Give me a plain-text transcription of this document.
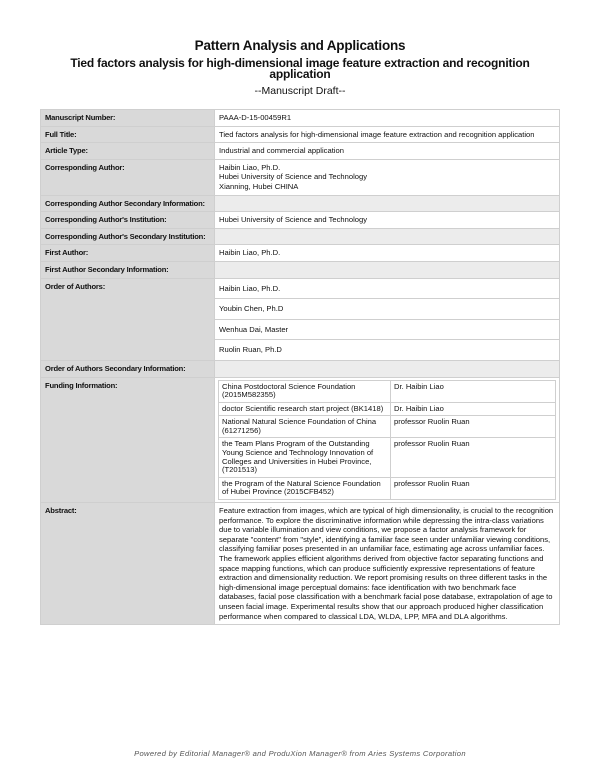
Pattern Analysis and Applications
Tied factors analysis for high-dimensional image feature extraction and recognition application
--Manuscript Draft--
Manuscript Number:	PAAA-D-15-00459R1
Full Title:	Tied factors analysis for high-dimensional image feature extraction and recognition application
Article Type:	Industrial and commercial application
Corresponding Author:	Haibin Liao, Ph.D.
Hubei University of Science and Technology
Xianning, Hubei CHINA

Corresponding Author Secondary Information:	
Corresponding Author's Institution:	Hubei University of Science and Technology
Corresponding Author's Secondary Institution:	
First Author:	Haibin Liao, Ph.D.
First Author Secondary Information:	
Order of Authors:	Haibin Liao, Ph.D.
Youbin Chen, Ph.D
Wenhua Dai, Master
Ruolin Ruan, Ph.D
Order of Authors Secondary Information:	
Funding Information:		China Postdoctoral Science Foundation (2015M582355)	Dr. Haibin Liao
doctor Scientific research start project (BK1418)	Dr. Haibin Liao
National Natural Science Foundation of China (61271256)	professor Ruolin Ruan
the Team Plans Program of the Outstanding Young Science and Technology Innovation of Colleges and Universities in Hubei Province, (T201513)	professor Ruolin Ruan
the Program of the Natural Science Foundation of Hubei Province (2015CFB452)	professor Ruolin Ruan

Abstract:	Feature extraction from images, which are typical of high dimensionality, is crucial to the recognition performance. To explore the discriminative information while depressing the intra-class variations due to variable illumination and view conditions, we propose a factor analysis framework for separate "content" from "style", identifying a familiar face seen under unfamiliar viewing conditions, classifying familiar poses presented in an unfamiliar face, estimating age across unfamiliar faces. The framework applies efficient algorithms derived from objective factor separating functions and space mapping functions, which can produce sufficiently expressive representations of feature extraction and dimensionality reduction. We report promising results on three different tasks in the high-dimensional image perceptual domains: face identification with two benchmark face databases, facial pose classification with a benchmark facial pose database, extrapolation of age to unseen facial image. Experimental results show that our approach produced higher classification performance when compared to classical LDA, WLDA, LPP, MFA and DLA algorithms.
Powered by Editorial Manager® and ProduXion Manager® from Aries Systems Corporation
